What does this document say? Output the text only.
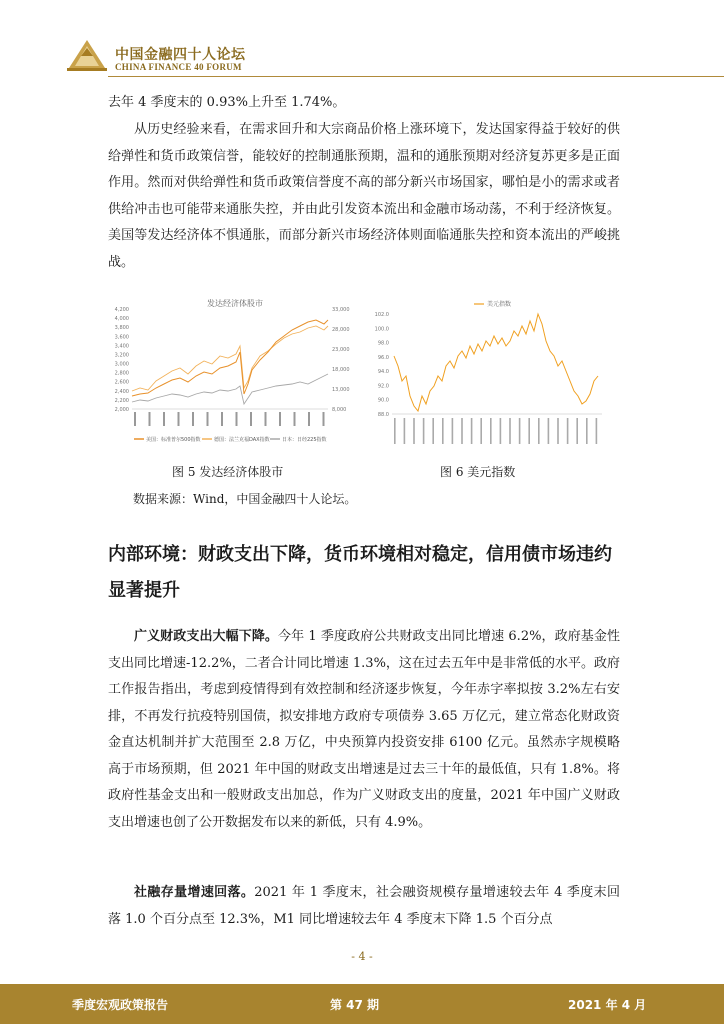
中国金融四十人论坛
CHINA FINANCE 40 FORUM

去年 4 季度末的 0.93%上升至 1.74%。

从历史经验来看，在需求回升和大宗商品价格上涨环境下，发达国家得益于较好的供给弹性和货币政策信誉，能较好的控制通胀预期，温和的通胀预期对经济复苏更多是正面作用。然而对供给弹性和货币政策信誉度不高的部分新兴市场国家，哪怕是小的需求或者供给冲击也可能带来通胀失控，并由此引发资本流出和金融市场动荡，不利于经济恢复。美国等发达经济体不惧通胀，而部分新兴市场经济体则面临通胀失控和资本流出的严峻挑战。

发达经济体股市
2,000
2,200
2,400
2,600
2,800
3,000
3,200
3,400
3,600
3,800
4,000
4,200
8,000
13,000
18,000
23,000
28,000
33,000
美国：标准普尔500指数	德国：法兰克福DAX指数 日本：日经225指数
图 5 发达经济体股市
美元指数
88.0
90.0
92.0
94.0
96.0
98.0
100.0
102.0
图 6 美元指数
数据来源：Wind，中国金融四十人论坛。

内部环境：财政支出下降，货币环境相对稳定，信用债市场违约显著提升

广义财政支出大幅下降。今年 1 季度政府公共财政支出同比增速 6.2%，政府基金性支出同比增速-12.2%，二者合计同比增速 1.3%，这在过去五年中是非常低的水平。政府工作报告指出，考虑到疫情得到有效控制和经济逐步恢复，今年赤字率拟按 3.2%左右安排，不再发行抗疫特别国债，拟安排地方政府专项债券 3.65 万亿元，建立常态化财政资金直达机制并扩大范围至 2.8 万亿，中央预算内投资安排 6100 亿元。虽然赤字规模略高于市场预期，但 2021 年中国的财政支出增速是过去三十年的最低值，只有 1.8%。将政府性基金支出和一般财政支出加总，作为广义财政支出的度量，2021 年中国广义财政支出增速也创了公开数据发布以来的新低，只有 4.9%。

社融存量增速回落。2021 年 1 季度末，社会融资规模存量增速较去年 4 季度末回落 1.0 个百分点至 12.3%，M1 同比增速较去年 4 季度末下降 1.5 个百分点

- 4 -
季度宏观政策报告	第 47 期	2021 年 4 月
